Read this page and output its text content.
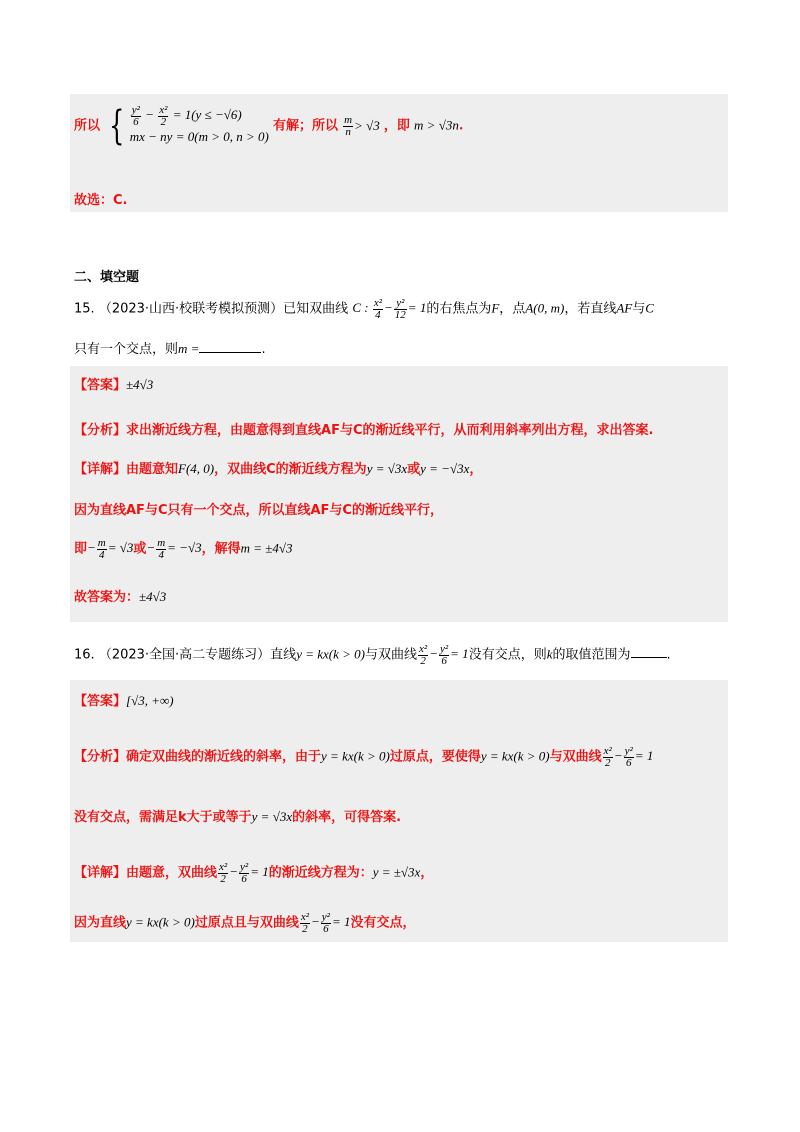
所以 { $\frac{\text{y²}}{6} - \frac{\text{x²}}{2} = 1(y \le -√6)$
mx − ny = 0(m > 0, n > 0)
有解；所以 $\frac{m}{n} > √3$ ，即 m > √3n.
故选：C.
二、填空题
15. （2023·山西·校联考模拟预测）已知双曲线 C : $\frac{\text{x²}}{4} - \frac{\text{y²}}{12} = 1$的右焦点为F，点A(0, m)，若直线AF与C
只有一个交点，则m =	.
【答案】±4√3
【分析】求出渐近线方程，由题意得到直线AF与C的渐近线平行，从而利用斜率列出方程，求出答案.
【详解】由题意知F(4, 0)，双曲线C的渐近线方程为y = √3x或y = −√3x，
因为直线AF与C只有一个交点，所以直线AF与C的渐近线平行，
即− $\frac{m}{4} = √3$或− $\frac{m}{4} = -√3$，解得m = ±4√3
故答案为：±4√3
16. （2023·全国·高二专题练习）直线y = kx(k > 0)与双曲线 $\frac{\text{x²}}{2} - \frac{\text{y²}}{6} = 1$没有交点，则k的取值范围为	.
【答案】[√3, +∞)
【分析】确定双曲线的渐近线的斜率，由于y = kx(k > 0)过原点，要使得y = kx(k > 0)与双曲线 $\frac{\text{x²}}{2} - \frac{\text{y²}}{6} = 1$
没有交点，需满足k大于或等于y = √3x的斜率，可得答案.
【详解】由题意，双曲线 $\frac{\text{x²}}{2} - \frac{\text{y²}}{6} = 1$的渐近线方程为：y = ±√3x，
因为直线y = kx(k > 0)过原点且与双曲线 $\frac{\text{x²}}{2} - \frac{\text{y²}}{6} = 1$没有交点，
